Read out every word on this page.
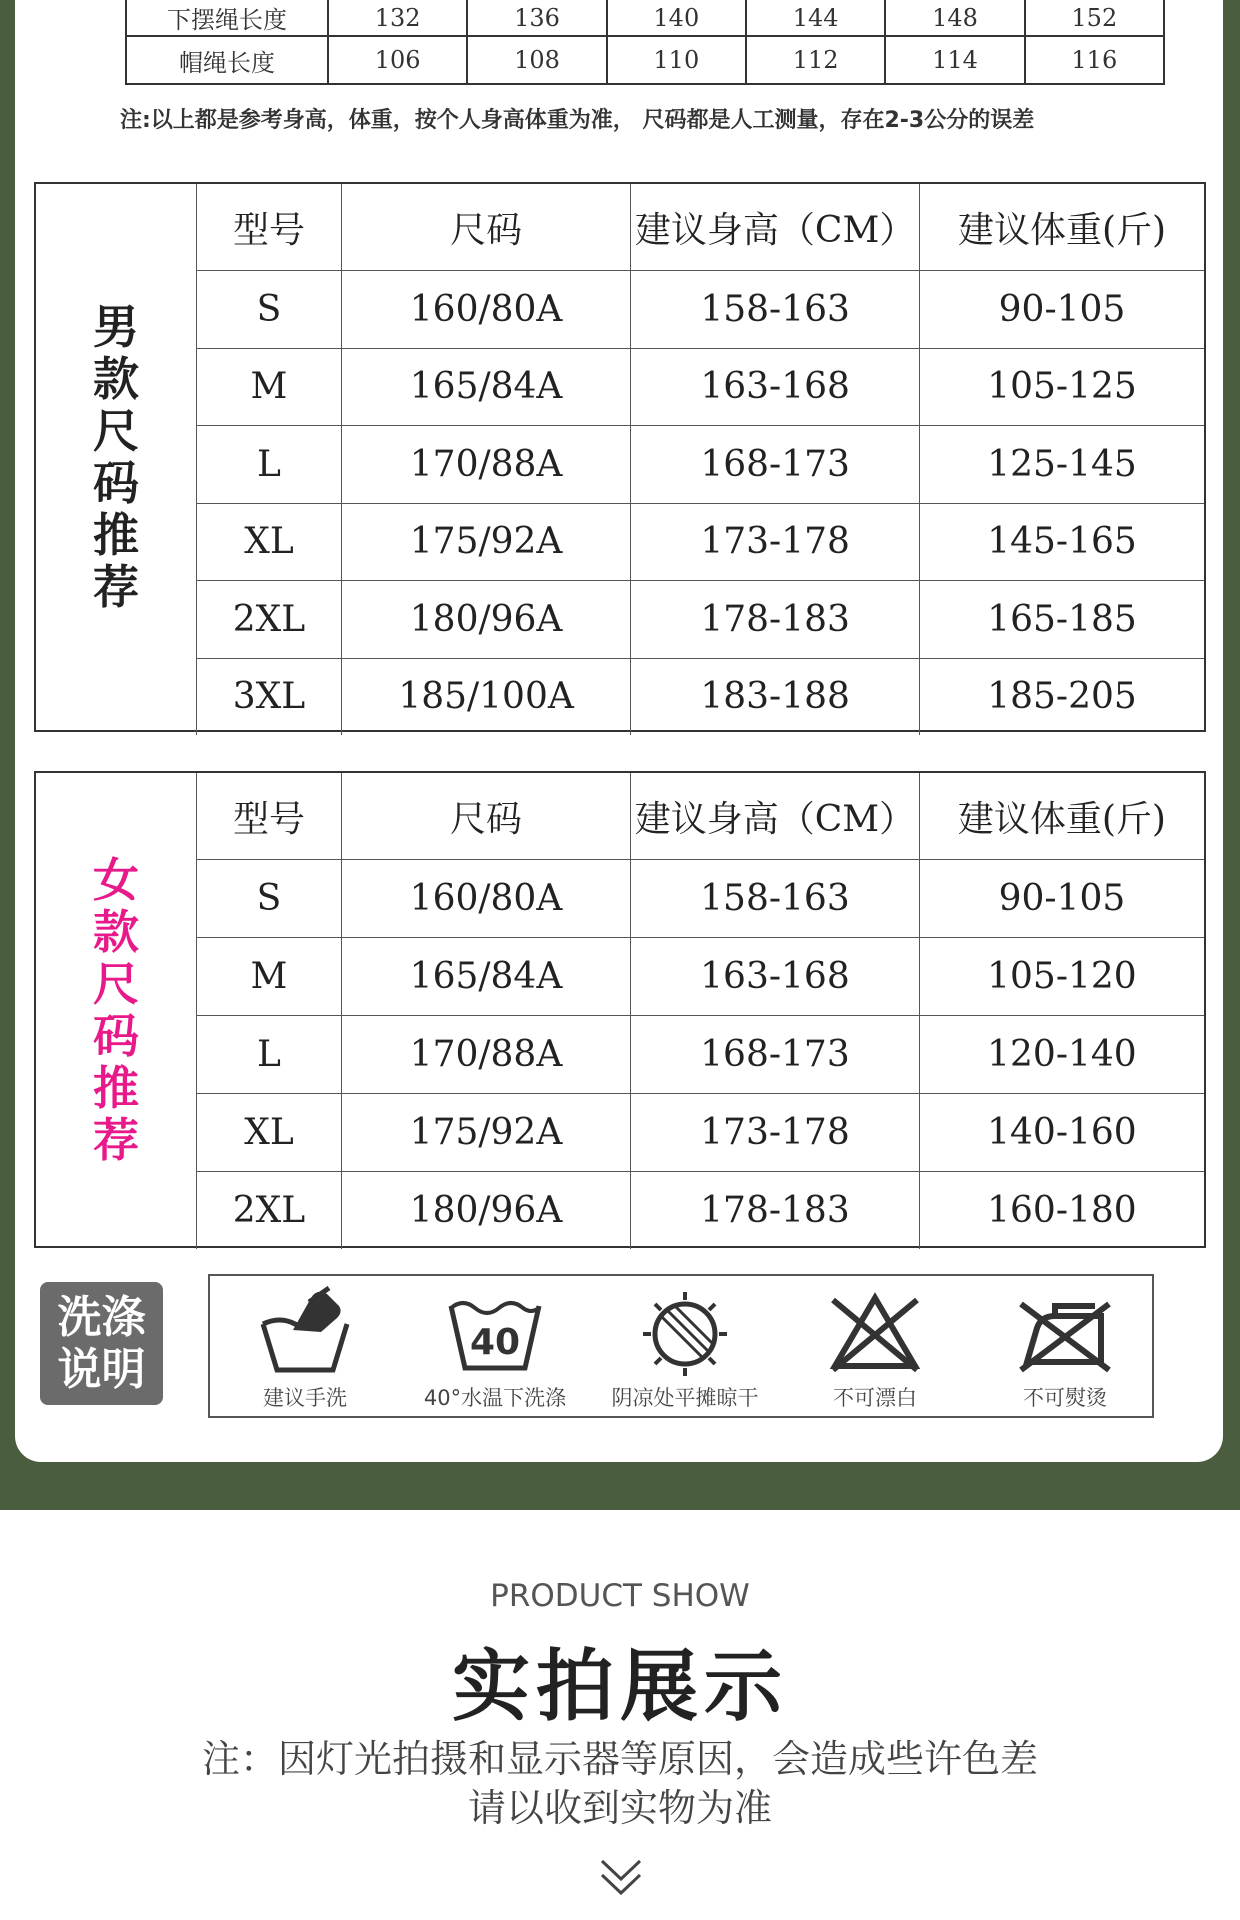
下摆绳长度	132	136	140	144	148	152
帽绳长度	106	108	110	112	114	116
注:以上都是参考身高，体重，按个人身高体重为准， 尺码都是人工测量，存在2-3公分的误差
男
款
尺
码
推
荐
型号	尺码	建议身高（CM）	建议体重(斤)
S	160/80A	158-163	90-105
M	165/84A	163-168	105-125
L	170/88A	168-173	125-145
XL	175/92A	173-178	145-165
2XL	180/96A	178-183	165-185
3XL	185/100A	183-188	185-205
女
款
尺
码
推
荐
型号	尺码	建议身高（CM）	建议体重(斤)
S	160/80A	158-163	90-105
M	165/84A	163-168	105-120
L	170/88A	168-173	120-140
XL	175/92A	173-178	140-160
2XL	180/96A	178-183	160-180
洗涤
说明
建议手洗
40
40°水温下洗涤	阴凉处平摊晾干	不可漂白	不可熨烫
PRODUCT SHOW
实拍展示
注：因灯光拍摄和显示器等原因，会造成些许色差
请以收到实物为准
